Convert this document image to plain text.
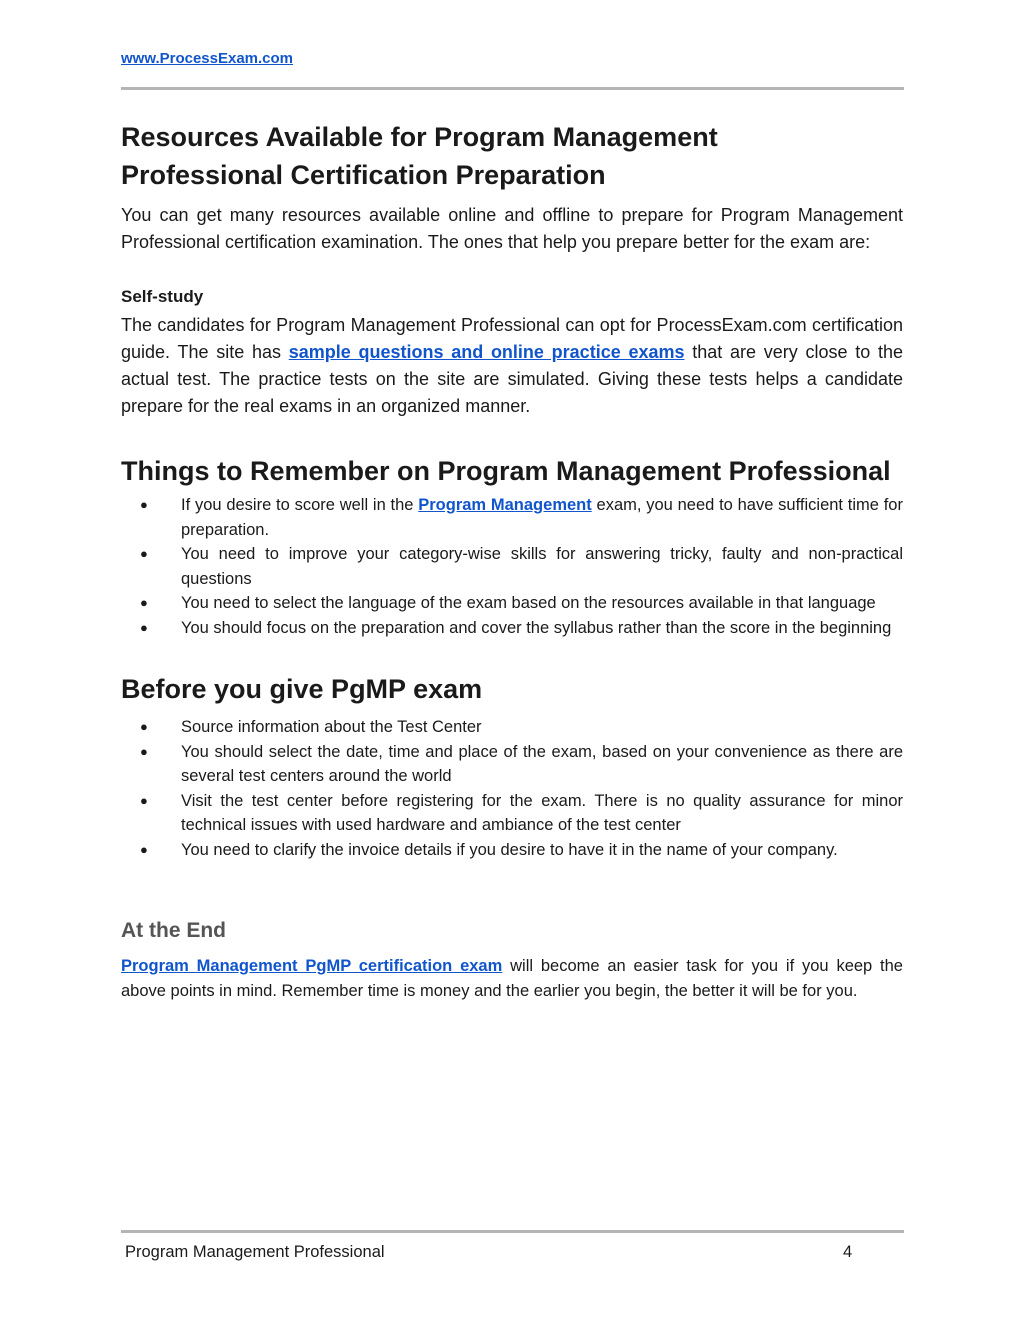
www.ProcessExam.com
Resources Available for Program Management
Professional Certification Preparation

You can get many resources available online and offline to prepare for Program Management Professional certification examination. The ones that help you prepare better for the exam are:

Self-study

The candidates for Program Management Professional can opt for ProcessExam.com certification guide. The site has sample questions and online practice exams that are very close to the actual test. The practice tests on the site are simulated. Giving these tests helps a candidate prepare for the real exams in an organized manner.

Things to Remember on Program Management Professional
● If you desire to score well in the Program Management exam, you need to have sufficient time for preparation.
● You need to improve your category-wise skills for answering tricky, faulty and non-practical questions
● You need to select the language of the exam based on the resources available in that language
● You should focus on the preparation and cover the syllabus rather than the score in the beginning
Before you give PgMP exam
● Source information about the Test Center
● You should select the date, time and place of the exam, based on your convenience as there are several test centers around the world
● Visit the test center before registering for the exam. There is no quality assurance for minor technical issues with used hardware and ambiance of the test center
● You need to clarify the invoice details if you desire to have it in the name of your company.
At the End

Program Management PgMP certification exam will become an easier task for you if you keep the above points in mind. Remember time is money and the earlier you begin, the better it will be for you.

Program Management Professional	4
